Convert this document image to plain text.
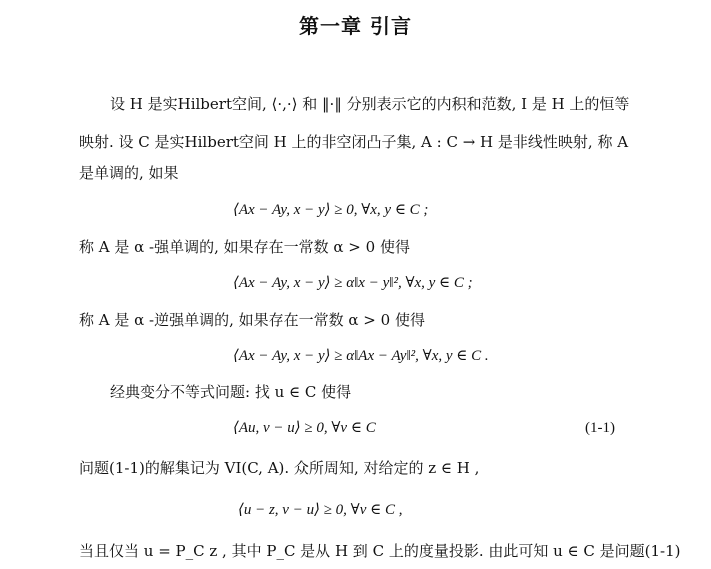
第一章 引言
设 H 是实Hilbert空间, ⟨·,·⟩ 和 ‖·‖ 分别表示它的内积和范数, I 是 H 上的恒等
映射. 设 C 是实Hilbert空间 H 上的非空闭凸子集, A : C → H 是非线性映射, 称 A
是单调的, 如果
⟨Ax − Ay, x − y⟩ ≥ 0, ∀x, y ∈ C ;
称 A 是 α -强单调的, 如果存在一常数 α > 0 使得
⟨Ax − Ay, x − y⟩ ≥ α‖x − y‖², ∀x, y ∈ C ;
称 A 是 α -逆强单调的, 如果存在一常数 α > 0 使得
⟨Ax − Ay, x − y⟩ ≥ α‖Ax − Ay‖², ∀x, y ∈ C .
经典变分不等式问题: 找 u ∈ C 使得
⟨Au, v − u⟩ ≥ 0, ∀v ∈ C	(1-1)
问题(1-1)的解集记为 VI(C, A). 众所周知, 对给定的 z ∈ H ,
⟨u − z, v − u⟩ ≥ 0, ∀v ∈ C ,
当且仅当 u = P_C z , 其中 P_C 是从 H 到 C 上的度量投影. 由此可知 u ∈ C 是问题(1-1)
